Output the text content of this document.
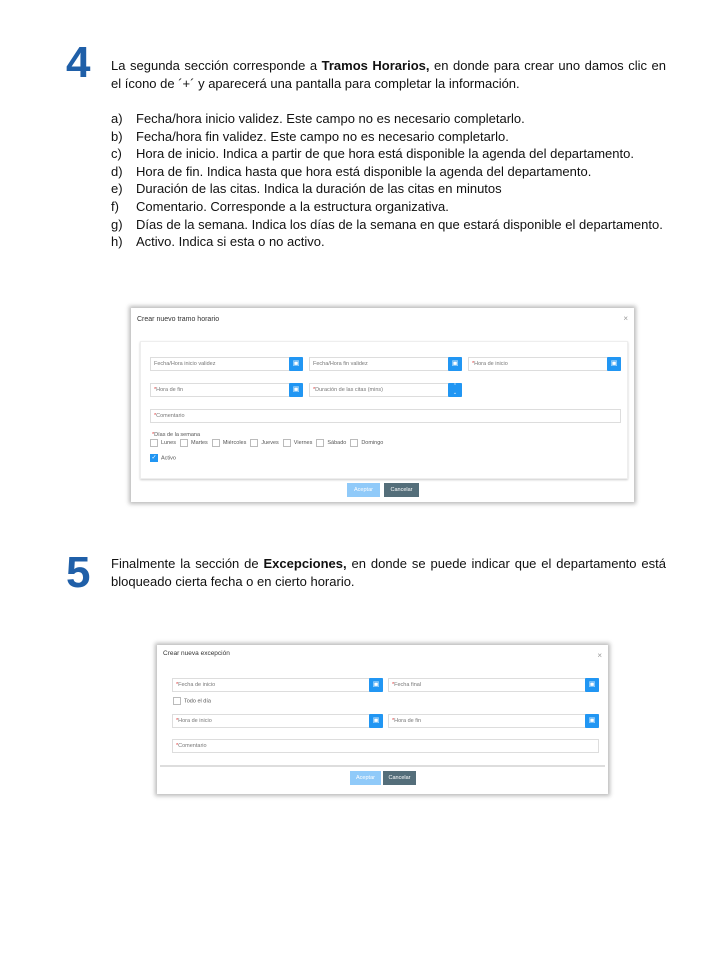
4 La segunda sección corresponde a Tramos Horarios, en donde para crear uno damos clic en el ícono de ´+´ y aparecerá una pantalla para completar la información.
a)	Fecha/hora inicio validez. Este campo no es necesario completarlo.
b)	Fecha/hora fin validez. Este campo no es necesario completarlo.
c)	Hora de inicio. Indica a partir de que hora está disponible la agenda del departamento.
d)	Hora de fin. Indica hasta que hora está disponible la agenda del departamento.
e)	Duración de las citas. Indica la duración de las citas en minutos
f)	Comentario. Corresponde a la estructura organizativa.
g)	Días de la semana. Indica los días de la semana en que estará disponible el departamento.
h)	Activo. Indica si esta o no activo.
Crear nuevo tramo horario	×
Fecha/Hora inicio validez	▣	Fecha/Hora fin validez	▣	*Hora de inicio	▣
*Hora de fin	▣	*Duración de las citas (mins)
⌃
⌄
*Comentario
*Días de la semana
Lunes	Martes	Miércoles	Jueves	Viernes	Sábado	Domingo
✓ Activo
Aceptar	Cancelar
5 Finalmente la sección de Excepciones, en donde se puede indicar que el departamento está bloqueado cierta fecha o en cierto horario.
Crear nueva excepción	×
*Fecha de inicio	▣	*Fecha final	▣
Todo el día
*Hora de inicio	▣	*Hora de fin	▣
*Comentario
Aceptar	Cancelar
